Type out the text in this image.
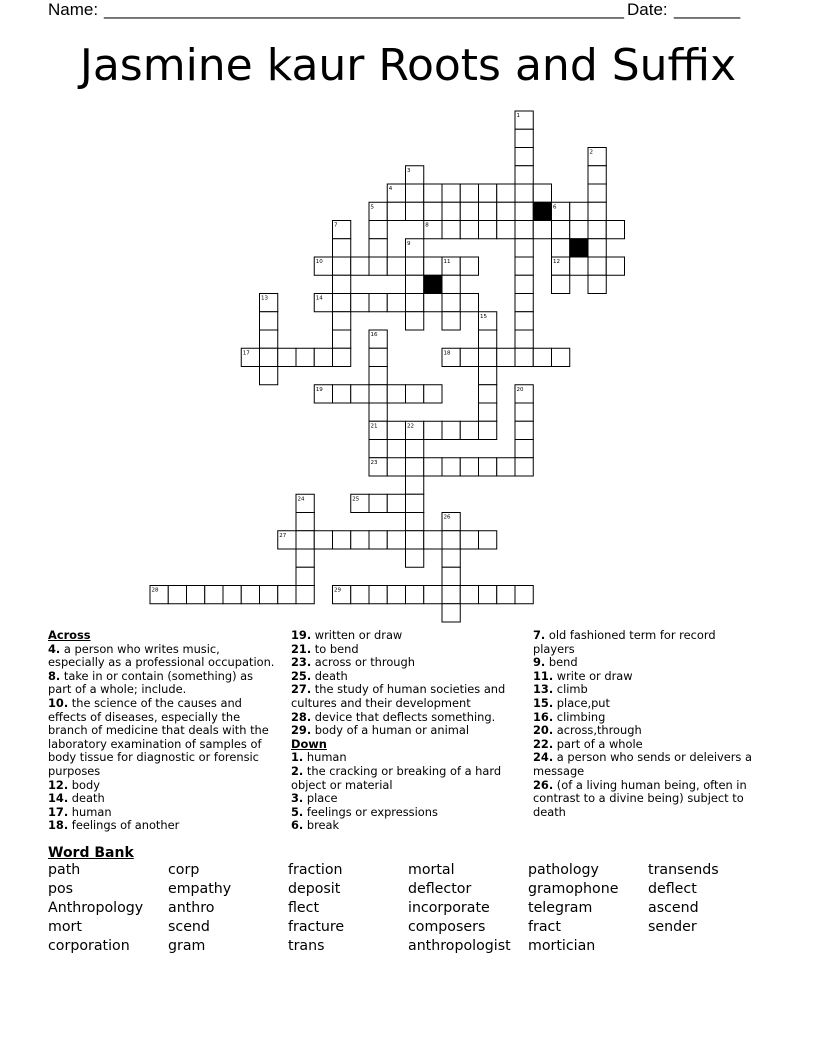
Name: _______________________________________________________ Date: _______
Jasmine kaur Roots and Suffix
1
2
3
4
5	6
7	8
9
10	11	12
13	14
15
16
17	18
19	20
21	22
23
24	25
26
27
28	29
Across
4. a person who writes music, especially as a professional occupation.
8. take in or contain (something) as part of a whole; include.
10. the science of the causes and effects of diseases, especially the branch of medicine that deals with the laboratory examination of samples of body tissue for diagnostic or forensic purposes
12. body
14. death
17. human
18. feelings of another
19. written or draw
21. to bend
23. across or through
25. death
27. the study of human societies and cultures and their development
28. device that deflects something.
29. body of a human or animal
Down
1. human
2. the cracking or breaking of a hard object or material
3. place
5. feelings or expressions
6. break
7. old fashioned term for record players
9. bend
11. write or draw
13. climb
15. place,put
16. climbing
20. across,through
22. part of a whole
24. a person who sends or deleivers a message
26. (of a living human being, often in contrast to a divine being) subject to death
Word Bank
path
pos
Anthropology
mort
corporation
corp
empathy
anthro
scend
gram
fraction
deposit
flect
fracture
trans
mortal
deflector
incorporate
composers
anthropologist
pathology
gramophone
telegram
fract
mortician
transends
deflect
ascend
sender
